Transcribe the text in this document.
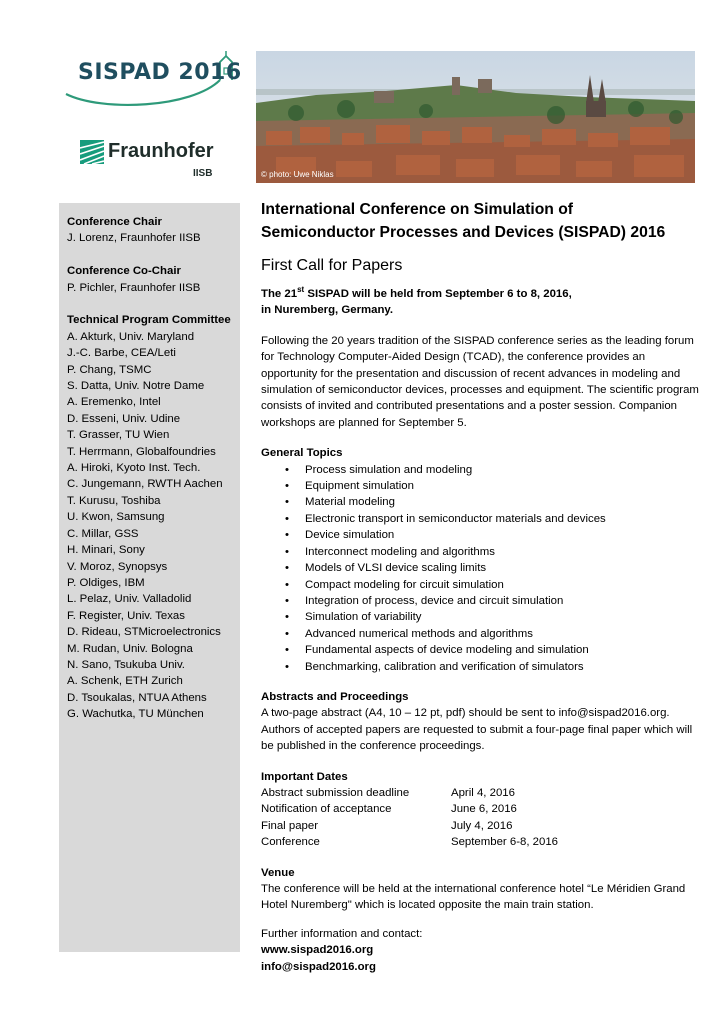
SISPAD 2016
Fraunhofer
IISB	© photo: Uwe Niklas
Conference Chair
J. Lorenz, Fraunhofer IISB
Conference Co-Chair
P. Pichler, Fraunhofer IISB
Technical Program Committee
A. Akturk, Univ. Maryland
J.-C. Barbe, CEA/Leti
P. Chang, TSMC
S. Datta, Univ. Notre Dame
A. Eremenko, Intel
D. Esseni, Univ. Udine
T. Grasser, TU Wien
T. Herrmann, Globalfoundries
A. Hiroki, Kyoto Inst. Tech.
C. Jungemann, RWTH Aachen
T. Kurusu, Toshiba
U. Kwon, Samsung
C. Millar, GSS
H. Minari, Sony
V. Moroz, Synopsys
P. Oldiges, IBM
L. Pelaz, Univ. Valladolid
F. Register, Univ. Texas
D. Rideau, STMicroelectronics
M. Rudan, Univ. Bologna
N. Sano, Tsukuba Univ.
A. Schenk, ETH Zurich
D. Tsoukalas, NTUA Athens
G. Wachutka, TU München
International Conference on Simulation of
Semiconductor Processes and Devices (SISPAD) 2016
First Call for Papers
The 21st SISPAD will be held from September 6 to 8, 2016,
in Nuremberg, Germany.
Following the 20 years tradition of the SISPAD conference series as the leading forum for Technology Computer-Aided Design (TCAD), the conference provides an opportunity for the presentation and discussion of recent advances in modeling and simulation of semiconductor devices, processes and equipment. The scientific program consists of invited and contributed presentations and a poster session. Companion workshops are planned for September 5.
General Topics
• Process simulation and modeling
• Equipment simulation
• Material modeling
• Electronic transport in semiconductor materials and devices
• Device simulation
• Interconnect modeling and algorithms
• Models of VLSI device scaling limits
• Compact modeling for circuit simulation
• Integration of process, device and circuit simulation
• Simulation of variability
• Advanced numerical methods and algorithms
• Fundamental aspects of device modeling and simulation
• Benchmarking, calibration and verification of simulators
Abstracts and Proceedings
A two-page abstract (A4, 10 – 12 pt, pdf) should be sent to info@sispad2016.org. Authors of accepted papers are requested to submit a four-page final paper which will be published in the conference proceedings.
Important Dates
Abstract submission deadline	April 4, 2016
Notification of acceptance	June 6, 2016
Final paper	July 4, 2016
Conference	September 6-8, 2016
Venue
The conference will be held at the international conference hotel “Le Méridien Grand Hotel Nuremberg" which is located opposite the main train station.
Further information and contact:
www.sispad2016.org
info@sispad2016.org
